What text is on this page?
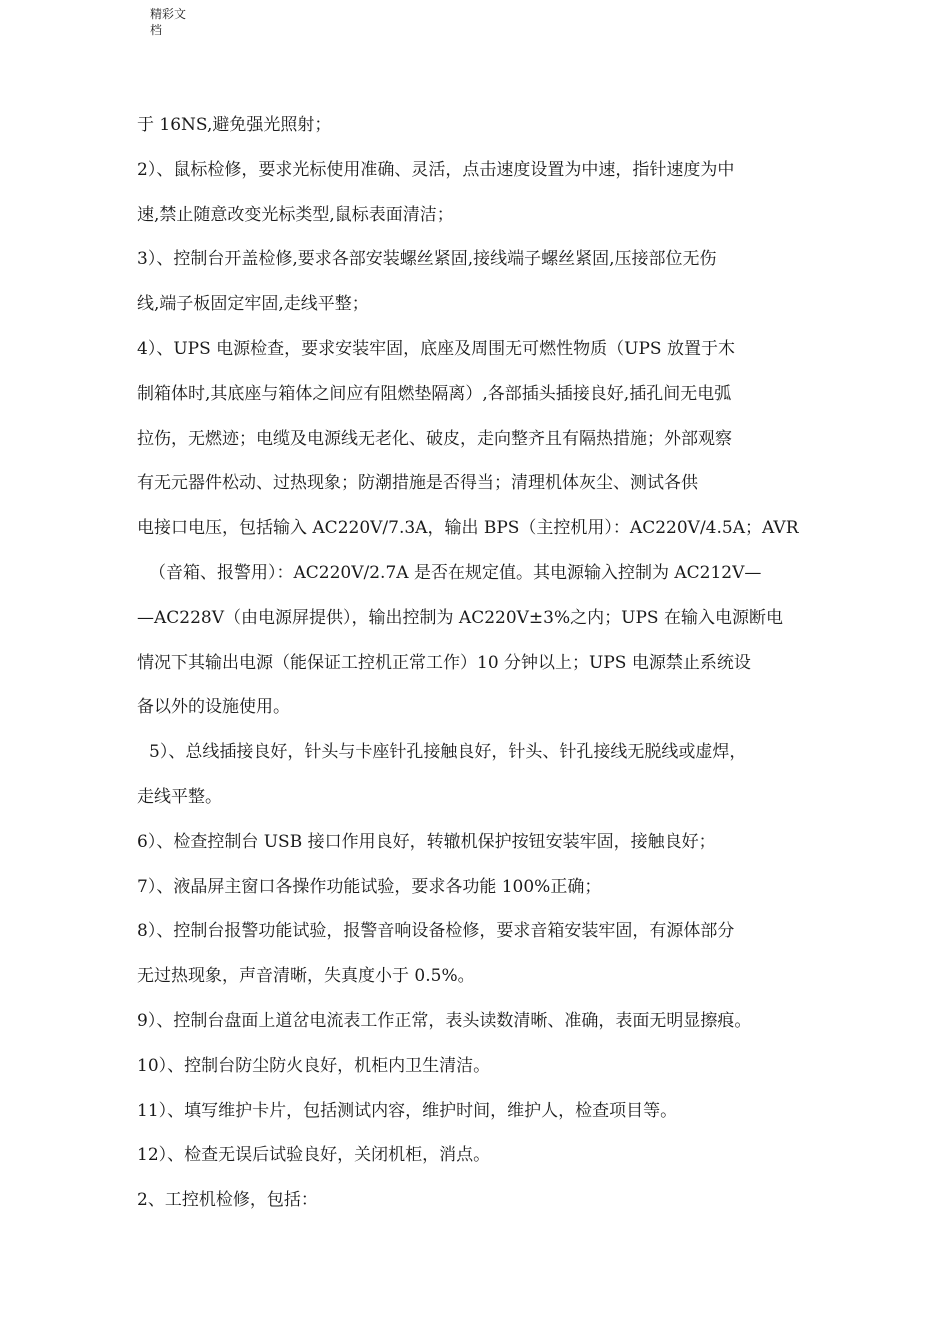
精彩文
档
于 16NS,避免强光照射；
2）、鼠标检修，要求光标使用准确、灵活，点击速度设置为中速，指针速度为中
速,禁止随意改变光标类型,鼠标表面清洁；
3）、控制台开盖检修,要求各部安装螺丝紧固,接线端子螺丝紧固,压接部位无伤
线,端子板固定牢固,走线平整；
4）、UPS 电源检查，要求安装牢固，底座及周围无可燃性物质（UPS 放置于木
制箱体时,其底座与箱体之间应有阻燃垫隔离）,各部插头插接良好,插孔间无电弧
拉伤，无燃迹；电缆及电源线无老化、破皮，走向整齐且有隔热措施；外部观察
有无元器件松动、过热现象；防潮措施是否得当；清理机体灰尘、测试各供
电接口电压，包括输入 AC220V/7.3A，输出 BPS（主控机用）：AC220V/4.5A；AVR
（音箱、报警用）：AC220V/2.7A 是否在规定值。其电源输入控制为 AC212V—
—AC228V（由电源屏提供），输出控制为 AC220V±3%之内；UPS 在输入电源断电
情况下其输出电源（能保证工控机正常工作）10 分钟以上；UPS 电源禁止系统设
备以外的设施使用。
5）、总线插接良好，针头与卡座针孔接触良好，针头、针孔接线无脱线或虚焊，
走线平整。
6）、检查控制台 USB 接口作用良好，转辙机保护按钮安装牢固，接触良好；
7）、液晶屏主窗口各操作功能试验，要求各功能 100%正确；
8）、控制台报警功能试验，报警音响设备检修，要求音箱安装牢固，有源体部分
无过热现象，声音清晰，失真度小于 0.5%。
9）、控制台盘面上道岔电流表工作正常，表头读数清晰、准确，表面无明显擦痕。
10）、控制台防尘防火良好，机柜内卫生清洁。
11）、填写维护卡片，包括测试内容，维护时间，维护人，检查项目等。
12）、检查无误后试验良好，关闭机柜，消点。
2、工控机检修，包括：
